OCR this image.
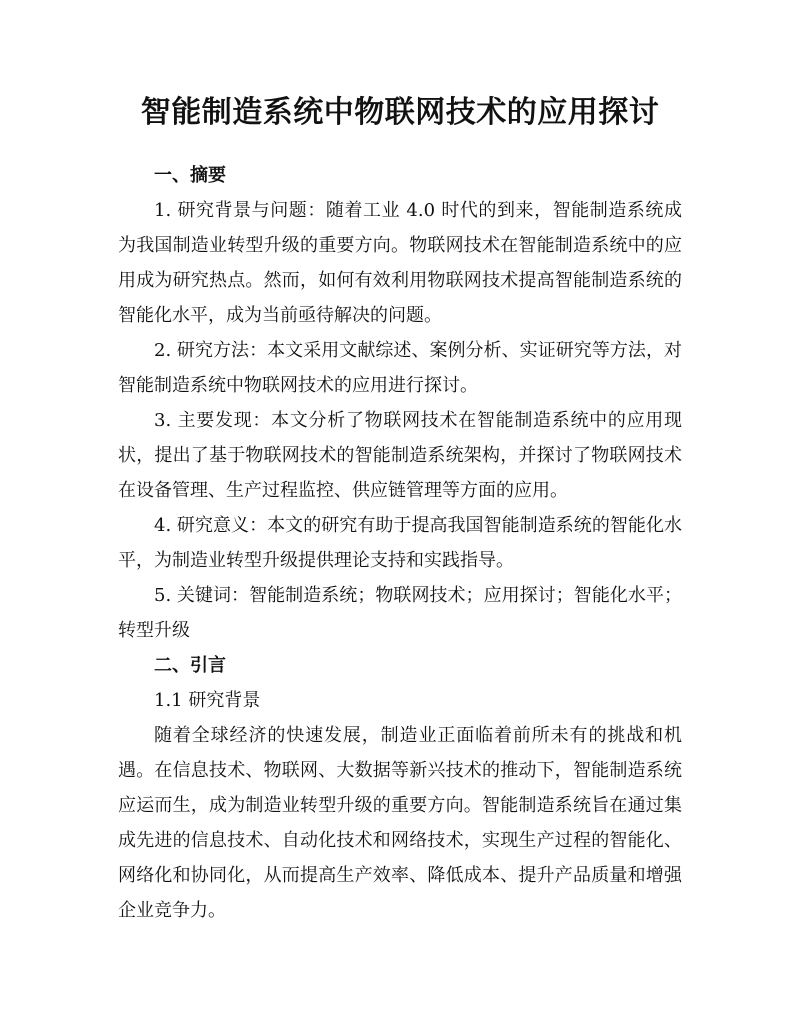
智能制造系统中物联网技术的应用探讨
一、摘要

1. 研究背景与问题：随着工业 4.0 时代的到来，智能制造系统成为我国制造业转型升级的重要方向。物联网技术在智能制造系统中的应用成为研究热点。然而，如何有效利用物联网技术提高智能制造系统的智能化水平，成为当前亟待解决的问题。

2. 研究方法：本文采用文献综述、案例分析、实证研究等方法，对智能制造系统中物联网技术的应用进行探讨。

3. 主要发现：本文分析了物联网技术在智能制造系统中的应用现状，提出了基于物联网技术的智能制造系统架构，并探讨了物联网技术在设备管理、生产过程监控、供应链管理等方面的应用。

4. 研究意义：本文的研究有助于提高我国智能制造系统的智能化水平，为制造业转型升级提供理论支持和实践指导。

5. 关键词：智能制造系统；物联网技术；应用探讨；智能化水平；转型升级

二、引言
1.1 研究背景

随着全球经济的快速发展，制造业正面临着前所未有的挑战和机遇。在信息技术、物联网、大数据等新兴技术的推动下，智能制造系统应运而生，成为制造业转型升级的重要方向。智能制造系统旨在通过集成先进的信息技术、自动化技术和网络技术，实现生产过程的智能化、网络化和协同化，从而提高生产效率、降低成本、提升产品质量和增强企业竞争力。
